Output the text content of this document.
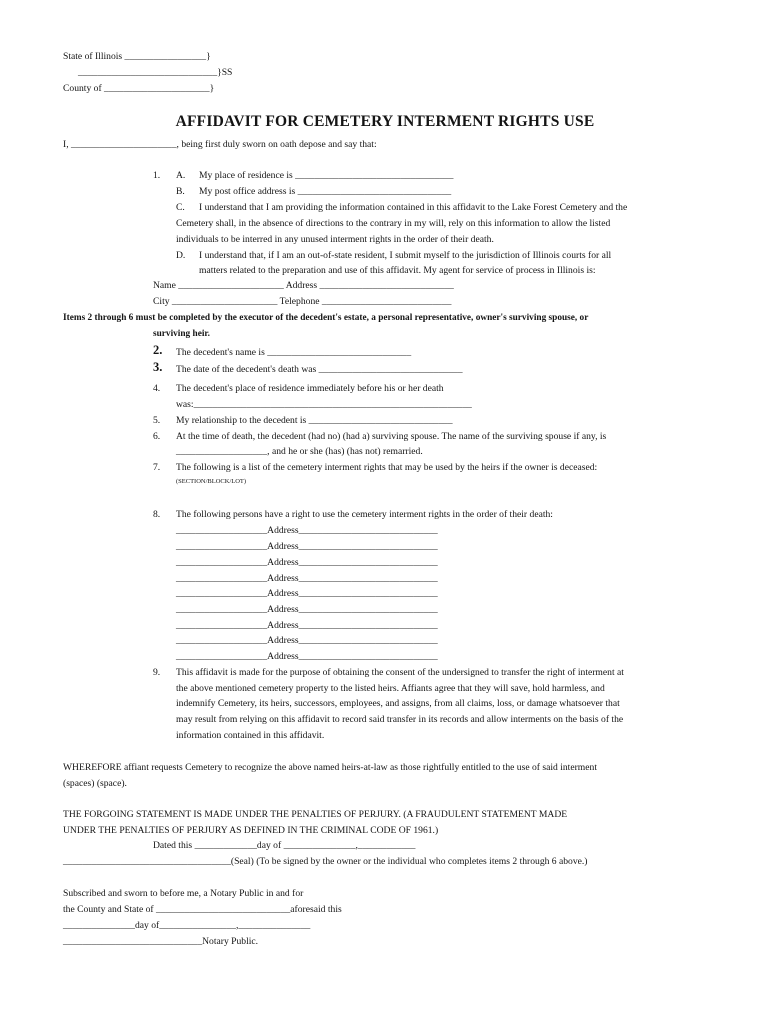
State of Illinois _________________}
_____________________________}SS
County of ______________________}
AFFIDAVIT FOR CEMETERY INTERMENT RIGHTS USE
I, ______________________, being first duly sworn on oath depose and say that:
1. A. My place of residence is _________________________________
B. My post office address is ________________________________
C. I understand that I am providing the information contained in this affidavit to the Lake Forest Cemetery and the
Cemetery shall, in the absence of directions to the contrary in my will, rely on this information to allow the listed
individuals to be interred in any unused interment rights in the order of their death.
D. I understand that, if I am an out-of-state resident, I submit myself to the jurisdiction of Illinois courts for all
matters related to the preparation and use of this affidavit. My agent for service of process in Illinois is:
Name ______________________ Address ____________________________
City ______________________ Telephone ___________________________
Items 2 through 6 must be completed by the executor of the decedent's estate, a personal representative, owner's surviving spouse, or
surviving heir.
2. The decedent's name is ______________________________
3. The date of the decedent's death was ______________________________
4. The decedent's place of residence immediately before his or her death
was:__________________________________________________________
5. My relationship to the decedent is ______________________________
6. At the time of death, the decedent (had no) (had a) surviving spouse. The name of the surviving spouse if any, is
___________________, and he or she (has) (has not) remarried.
7. The following is a list of the cemetery interment rights that may be used by the heirs if the owner is deceased:
(SECTION/BLOCK/LOT)
8. The following persons have a right to use the cemetery interment rights in the order of their death:
___________________Address_____________________________
___________________Address_____________________________
___________________Address_____________________________
___________________Address_____________________________
___________________Address_____________________________
___________________Address_____________________________
___________________Address_____________________________
___________________Address_____________________________
___________________Address_____________________________
9. This affidavit is made for the purpose of obtaining the consent of the undersigned to transfer the right of interment at
the above mentioned cemetery property to the listed heirs. Affiants agree that they will save, hold harmless, and
indemnify Cemetery, its heirs, successors, employees, and assigns, from all claims, loss, or damage whatsoever that
may result from relying on this affidavit to record said transfer in its records and allow interments on the basis of the
information contained in this affidavit.
WHEREFORE affiant requests Cemetery to recognize the above named heirs-at-law as those rightfully entitled to the use of said interment
(spaces) (space).
THE FORGOING STATEMENT IS MADE UNDER THE PENALTIES OF PERJURY. (A FRAUDULENT STATEMENT MADE
UNDER THE PENALTIES OF PERJURY AS DEFINED IN THE CRIMINAL CODE OF 1961.)
Dated this _____________day of _______________,____________
___________________________________(Seal) (To be signed by the owner or the individual who completes items 2 through 6 above.)
Subscribed and sworn to before me, a Notary Public in and for
the County and State of ____________________________aforesaid this
_______________day of________________,_______________
_____________________________Notary Public.
